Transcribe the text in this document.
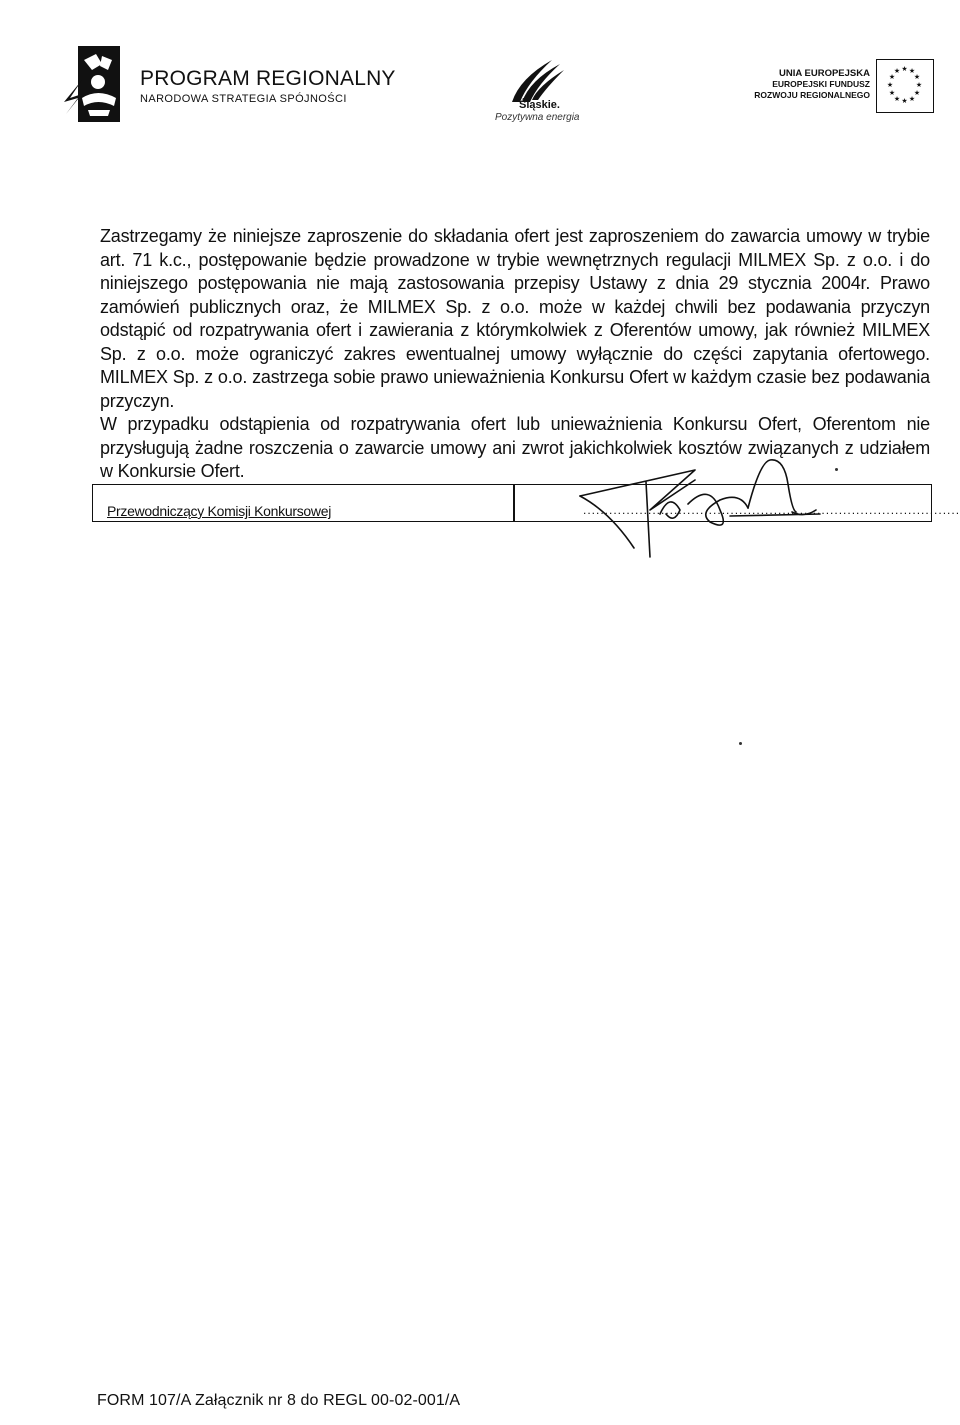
PROGRAM REGIONALNY
NARODOWA STRATEGIA SPÓJNOŚCI	Śląskie.
Pozytywna energia
UNIA EUROPEJSKA
EUROPEJSKI FUNDUSZ
ROZWOJU REGIONALNEGO
★ ★
★
★
★
★
★
★
★
★
★
★

Zastrzegamy że niniejsze zaproszenie do składania ofert jest zaproszeniem do zawarcia umowy w trybie art. 71 k.c., postępowanie będzie prowadzone w trybie wewnętrznych regulacji MILMEX Sp. z o.o. i do niniejszego postępowania nie mają zastosowania przepisy Ustawy z dnia 29 stycznia 2004r. Prawo zamówień publicznych oraz, że MILMEX Sp. z o.o. może w każdej chwili bez podawania przyczyn odstąpić od rozpatrywania ofert i zawierania z którymkolwiek z Oferentów umowy, jak również MILMEX Sp. z o.o. może ograniczyć zakres ewentualnej umowy wyłącznie do części zapytania ofertowego. MILMEX Sp. z o.o. zastrzega sobie prawo unieważnienia Konkursu Ofert w każdym czasie bez podawania przyczyn.

W przypadku odstąpienia od rozpatrywania ofert lub unieważnienia Konkursu Ofert, Oferentom nie przysługują żadne roszczenia o zawarcie umowy ani zwrot jakichkolwiek kosztów związanych z udziałem w Konkursie Ofert.

Przewodniczący Komisji Konkursowej	.......................................................................................
FORM 107/A Załącznik nr 8 do REGL 00-02-001/A
